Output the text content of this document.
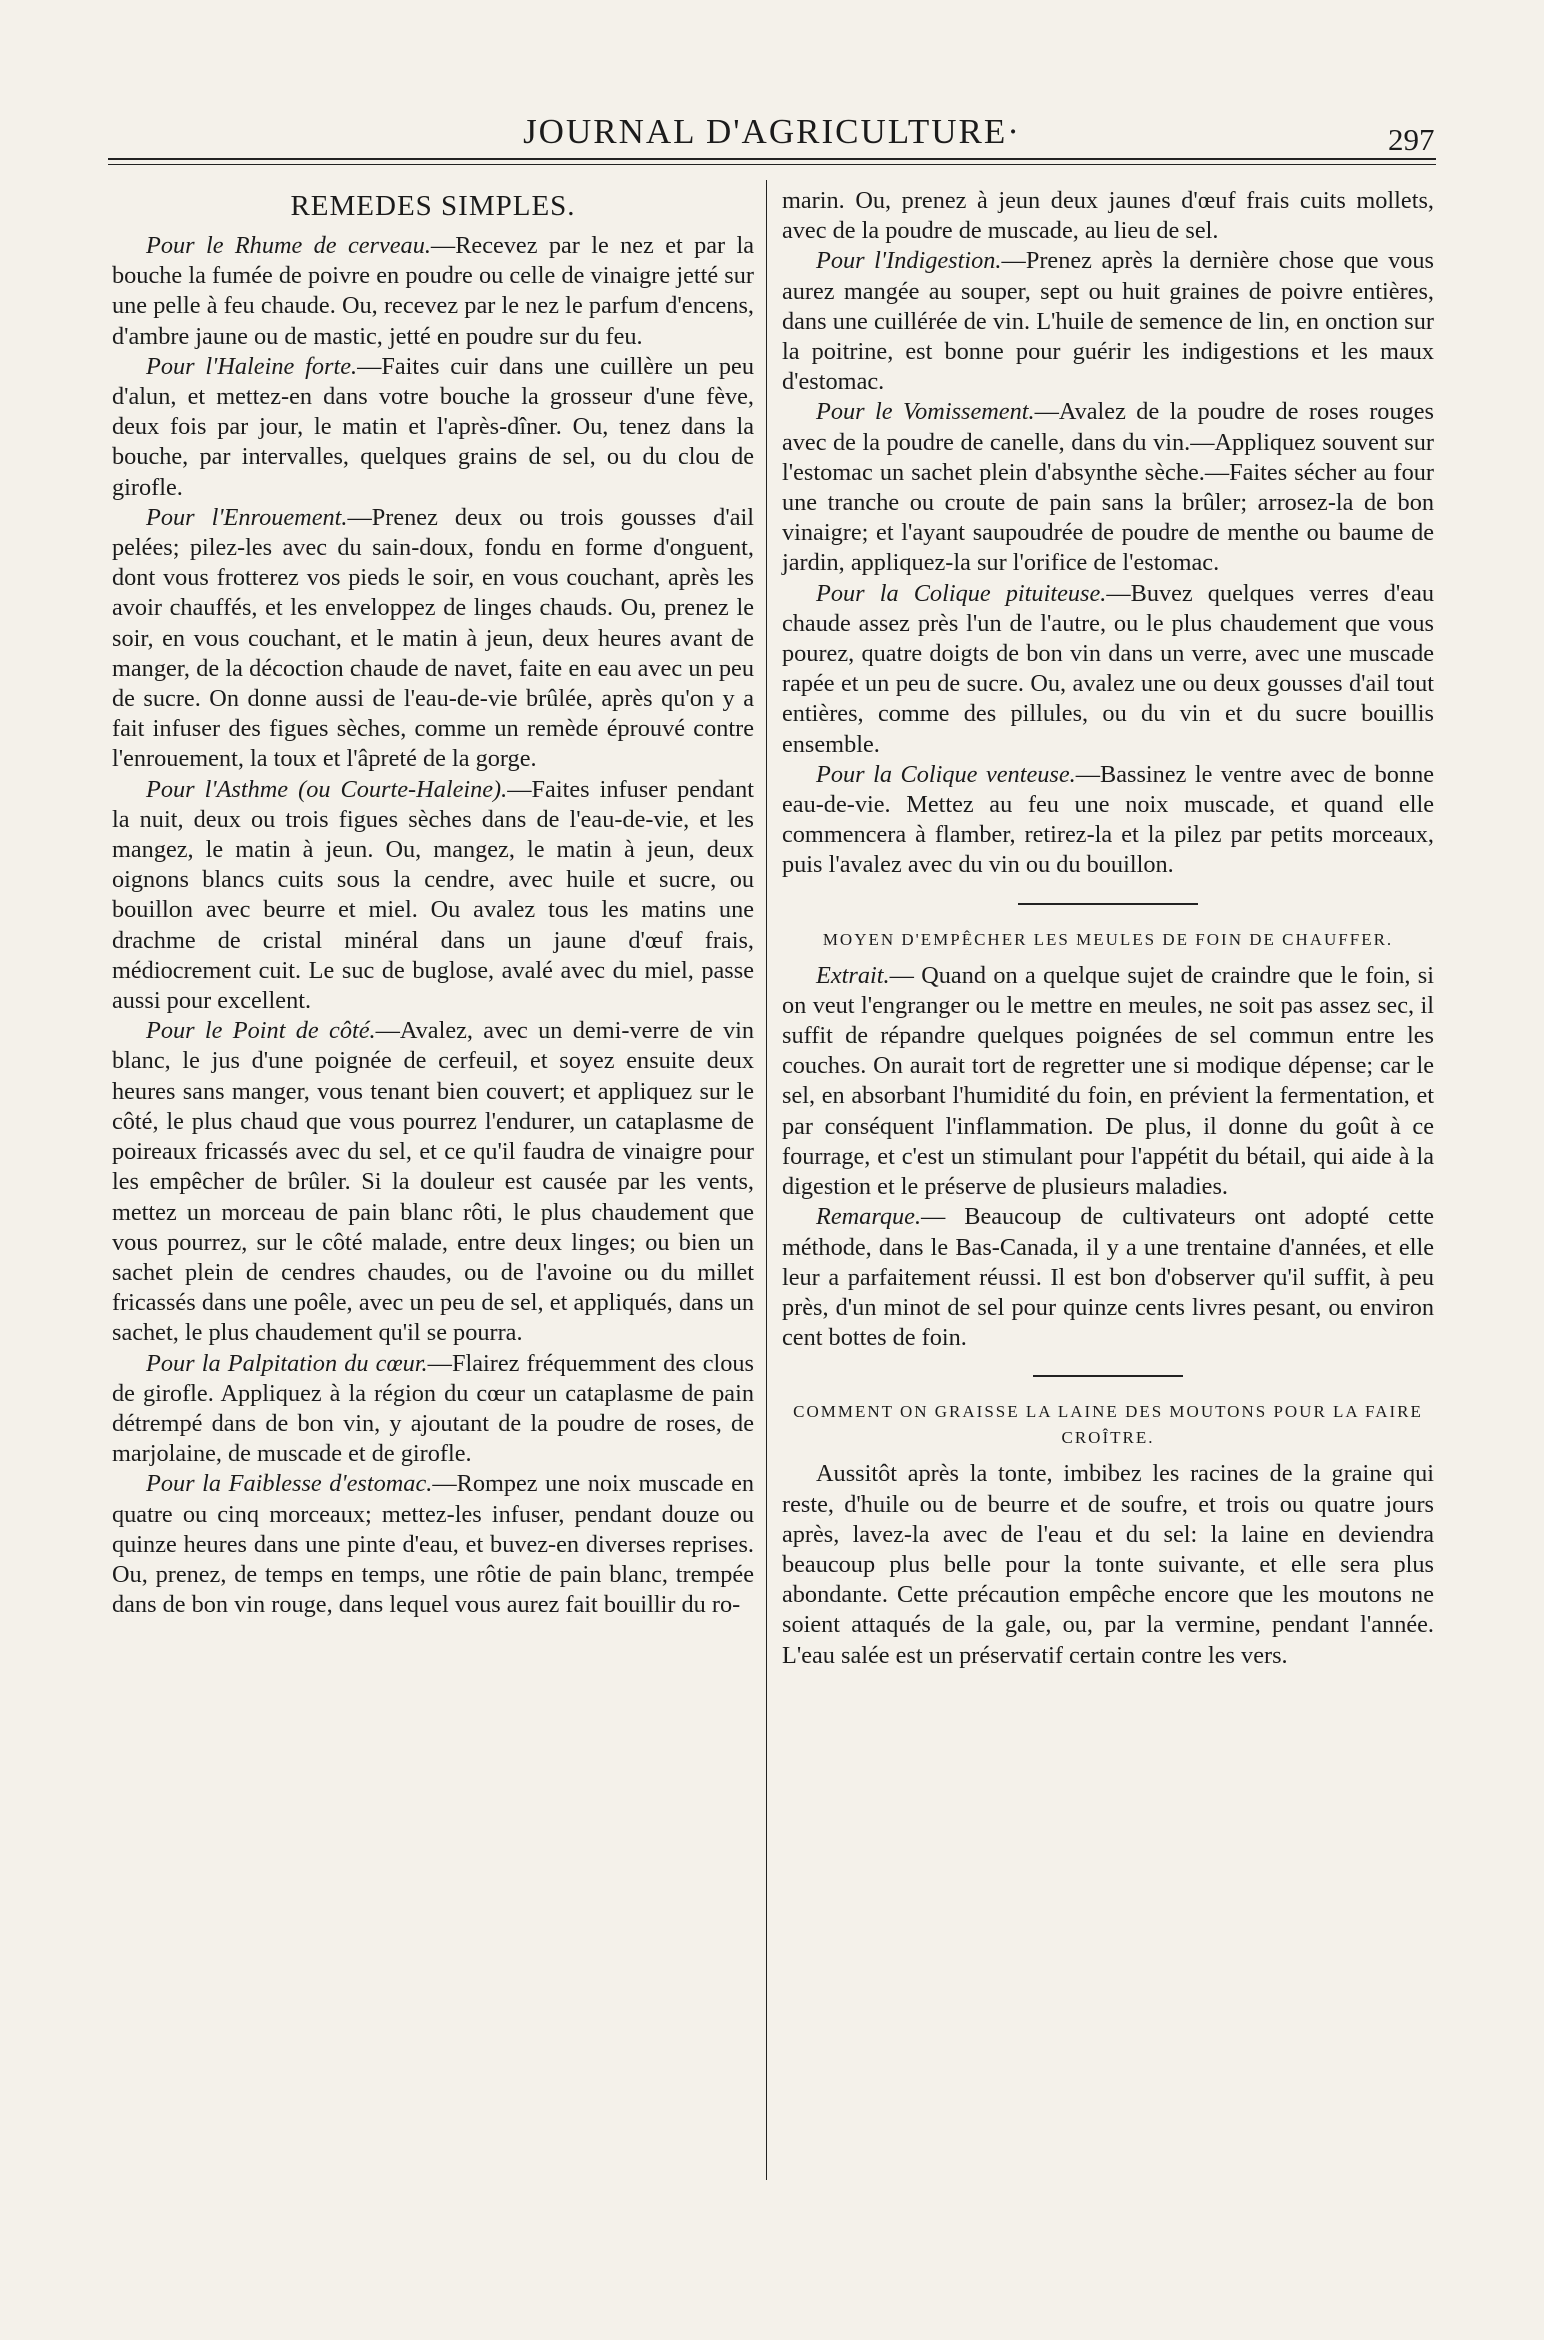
JOURNAL D'AGRICULTURE·	297
REMEDES SIMPLES.

Pour le Rhume de cerveau.—Recevez par le nez et par la bouche la fumée de poivre en poudre ou celle de vinaigre jetté sur une pelle à feu chaude. Ou, recevez par le nez le parfum d'encens, d'ambre jaune ou de mastic, jetté en poudre sur du feu.

Pour l'Haleine forte.—Faites cuir dans une cuillère un peu d'alun, et mettez-en dans votre bouche la grosseur d'une fève, deux fois par jour, le matin et l'après-dîner. Ou, tenez dans la bouche, par intervalles, quelques grains de sel, ou du clou de girofle.

Pour l'Enrouement.—Prenez deux ou trois gousses d'ail pelées; pilez-les avec du sain-doux, fondu en forme d'onguent, dont vous frotterez vos pieds le soir, en vous couchant, après les avoir chauffés, et les enveloppez de linges chauds. Ou, prenez le soir, en vous couchant, et le matin à jeun, deux heures avant de manger, de la décoction chaude de navet, faite en eau avec un peu de sucre. On donne aussi de l'eau-de-vie brûlée, après qu'on y a fait infuser des figues sèches, comme un remède éprouvé contre l'enrouement, la toux et l'âpreté de la gorge.

Pour l'Asthme (ou Courte-Haleine).—Faites infuser pendant la nuit, deux ou trois figues sèches dans de l'eau-de-vie, et les mangez, le matin à jeun. Ou, mangez, le matin à jeun, deux oignons blancs cuits sous la cendre, avec huile et sucre, ou bouillon avec beurre et miel. Ou avalez tous les matins une drachme de cristal minéral dans un jaune d'œuf frais, médiocrement cuit. Le suc de buglose, avalé avec du miel, passe aussi pour excellent.

Pour le Point de côté.—Avalez, avec un demi-verre de vin blanc, le jus d'une poignée de cerfeuil, et soyez ensuite deux heures sans manger, vous tenant bien couvert; et appliquez sur le côté, le plus chaud que vous pourrez l'endurer, un cataplasme de poireaux fricassés avec du sel, et ce qu'il faudra de vinaigre pour les empêcher de brûler. Si la douleur est causée par les vents, mettez un morceau de pain blanc rôti, le plus chaudement que vous pourrez, sur le côté malade, entre deux linges; ou bien un sachet plein de cendres chaudes, ou de l'avoine ou du millet fricassés dans une poêle, avec un peu de sel, et appliqués, dans un sachet, le plus chaudement qu'il se pourra.

Pour la Palpitation du cœur.—Flairez fréquemment des clous de girofle. Appliquez à la région du cœur un cataplasme de pain détrempé dans de bon vin, y ajoutant de la poudre de roses, de marjolaine, de muscade et de girofle.

Pour la Faiblesse d'estomac.—Rompez une noix muscade en quatre ou cinq morceaux; mettez-les infuser, pendant douze ou quinze heures dans une pinte d'eau, et buvez-en diverses reprises. Ou, prenez, de temps en temps, une rôtie de pain blanc, trempée dans de bon vin rouge, dans lequel vous aurez fait bouillir du ro-

marin. Ou, prenez à jeun deux jaunes d'œuf frais cuits mollets, avec de la poudre de muscade, au lieu de sel.

Pour l'Indigestion.—Prenez après la dernière chose que vous aurez mangée au souper, sept ou huit graines de poivre entières, dans une cuillérée de vin. L'huile de semence de lin, en onction sur la poitrine, est bonne pour guérir les indigestions et les maux d'estomac.

Pour le Vomissement.—Avalez de la poudre de roses rouges avec de la poudre de canelle, dans du vin.—Appliquez souvent sur l'estomac un sachet plein d'absynthe sèche.—Faites sécher au four une tranche ou croute de pain sans la brûler; arrosez-la de bon vinaigre; et l'ayant saupoudrée de poudre de menthe ou baume de jardin, appliquez-la sur l'orifice de l'estomac.

Pour la Colique pituiteuse.—Buvez quelques verres d'eau chaude assez près l'un de l'autre, ou le plus chaudement que vous pourez, quatre doigts de bon vin dans un verre, avec une muscade rapée et un peu de sucre. Ou, avalez une ou deux gousses d'ail tout entières, comme des pillules, ou du vin et du sucre bouillis ensemble.

Pour la Colique venteuse.—Bassinez le ventre avec de bonne eau-de-vie. Mettez au feu une noix muscade, et quand elle commencera à flamber, retirez-la et la pilez par petits morceaux, puis l'avalez avec du vin ou du bouillon.

MOYEN D'EMPÊCHER LES MEULES DE FOIN DE CHAUFFER.

Extrait.— Quand on a quelque sujet de craindre que le foin, si on veut l'engranger ou le mettre en meules, ne soit pas assez sec, il suffit de répandre quelques poignées de sel commun entre les couches. On aurait tort de regretter une si modique dépense; car le sel, en absorbant l'humidité du foin, en prévient la fermentation, et par conséquent l'inflammation. De plus, il donne du goût à ce fourrage, et c'est un stimulant pour l'appétit du bétail, qui aide à la digestion et le préserve de plusieurs maladies.

Remarque.— Beaucoup de cultivateurs ont adopté cette méthode, dans le Bas-Canada, il y a une trentaine d'années, et elle leur a parfaitement réussi. Il est bon d'observer qu'il suffit, à peu près, d'un minot de sel pour quinze cents livres pesant, ou environ cent bottes de foin.

COMMENT ON GRAISSE LA LAINE DES MOUTONS POUR LA FAIRE CROÎTRE.

Aussitôt après la tonte, imbibez les racines de la graine qui reste, d'huile ou de beurre et de soufre, et trois ou quatre jours après, lavez-la avec de l'eau et du sel: la laine en deviendra beaucoup plus belle pour la tonte suivante, et elle sera plus abondante. Cette précaution empêche encore que les moutons ne soient attaqués de la gale, ou, par la vermine, pendant l'année. L'eau salée est un préservatif certain contre les vers.
